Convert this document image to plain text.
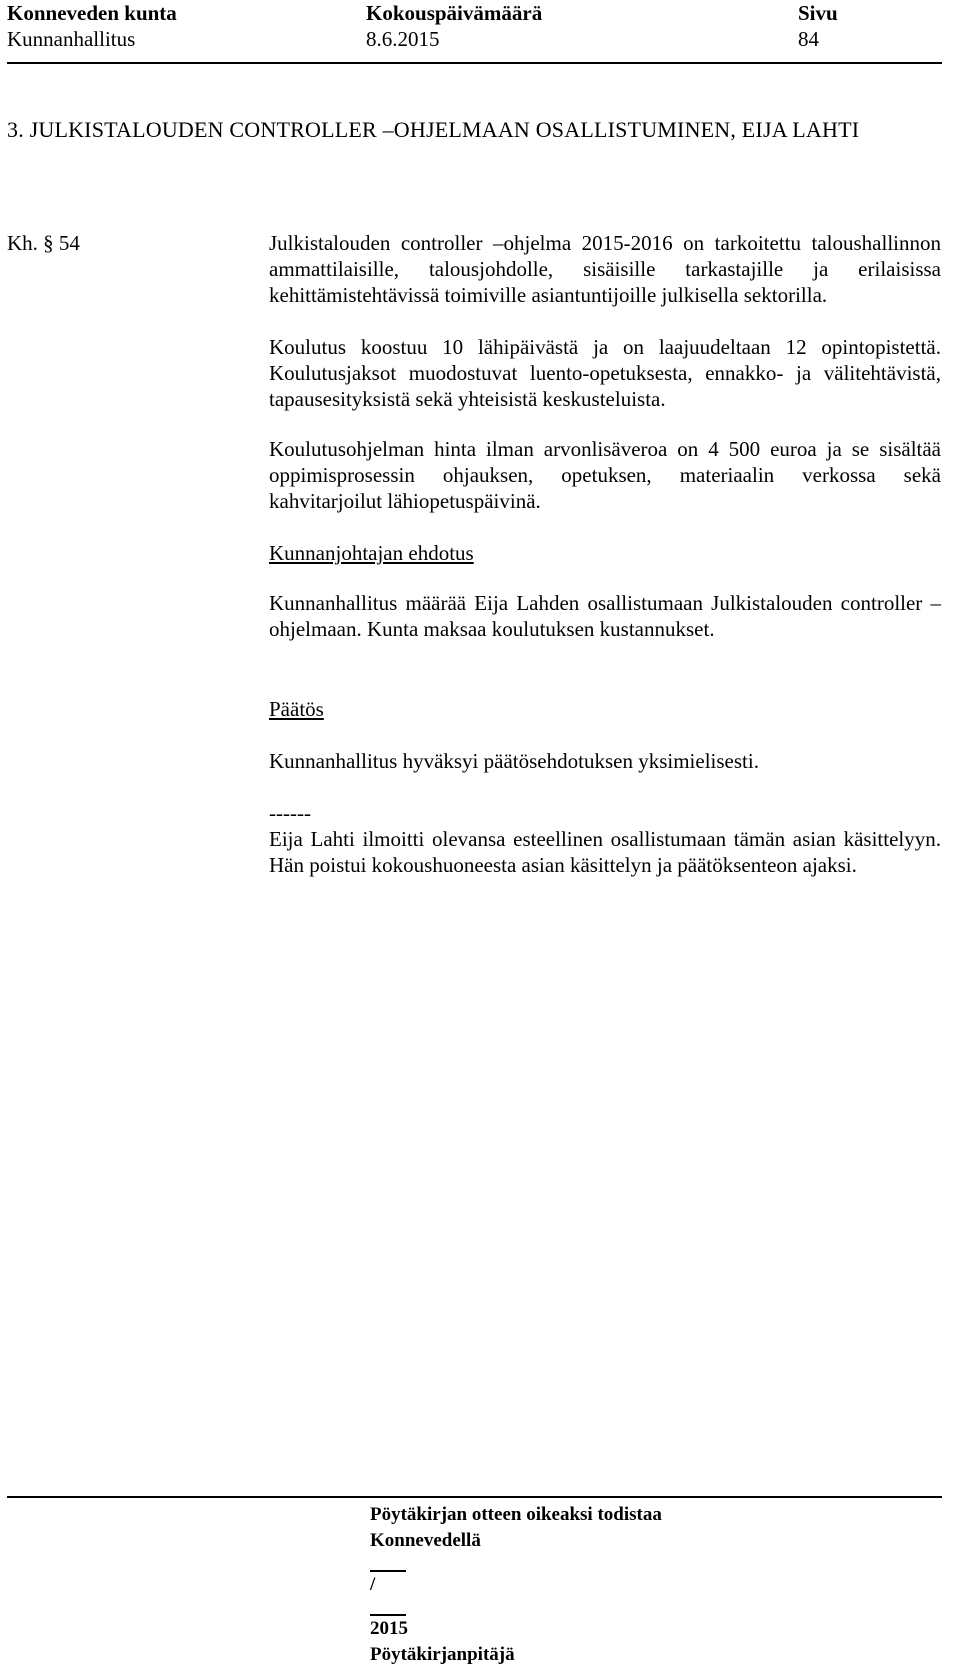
Konneveden kunta
Kunnanhallitus
Kokouspäivämäärä
8.6.2015
Sivu
84
3. JULKISTALOUDEN CONTROLLER –OHJELMAAN OSALLISTUMINEN, EIJA LAHTI
Kh. § 54	Julkistalouden controller –ohjelma 2015-2016 on tarkoitettu taloushallinnon ammattilaisille, talousjohdolle, sisäisille tarkastajille ja erilaisissa kehittämistehtävissä toimiville asiantuntijoille julkisella sektorilla.

Koulutus koostuu 10 lähipäivästä ja on laajuudeltaan 12 opintopistettä. Koulutusjaksot muodostuvat luento-opetuksesta, ennakko- ja välitehtävistä, tapausesityksistä sekä yhteisistä keskusteluista.

Koulutusohjelman hinta ilman arvonlisäveroa on 4 500 euroa ja se sisältää oppimisprosessin ohjauksen, opetuksen, materiaalin verkossa sekä kahvitarjoilut lähiopetuspäivinä.

Kunnanjohtajan ehdotus

Kunnanhallitus määrää Eija Lahden osallistumaan Julkistalouden controller –ohjelmaan. Kunta maksaa koulutuksen kustannukset.

Päätös

Kunnanhallitus hyväksyi päätösehdotuksen yksimielisesti.

------

Eija Lahti ilmoitti olevansa esteellinen osallistumaan tämän asian käsittelyyn. Hän poistui kokoushuoneesta asian käsittelyn ja päätöksenteon ajaksi.

Pöytäkirjan otteen oikeaksi todistaa
Konnevedellä
/
2015
Pöytäkirjanpitäjä
